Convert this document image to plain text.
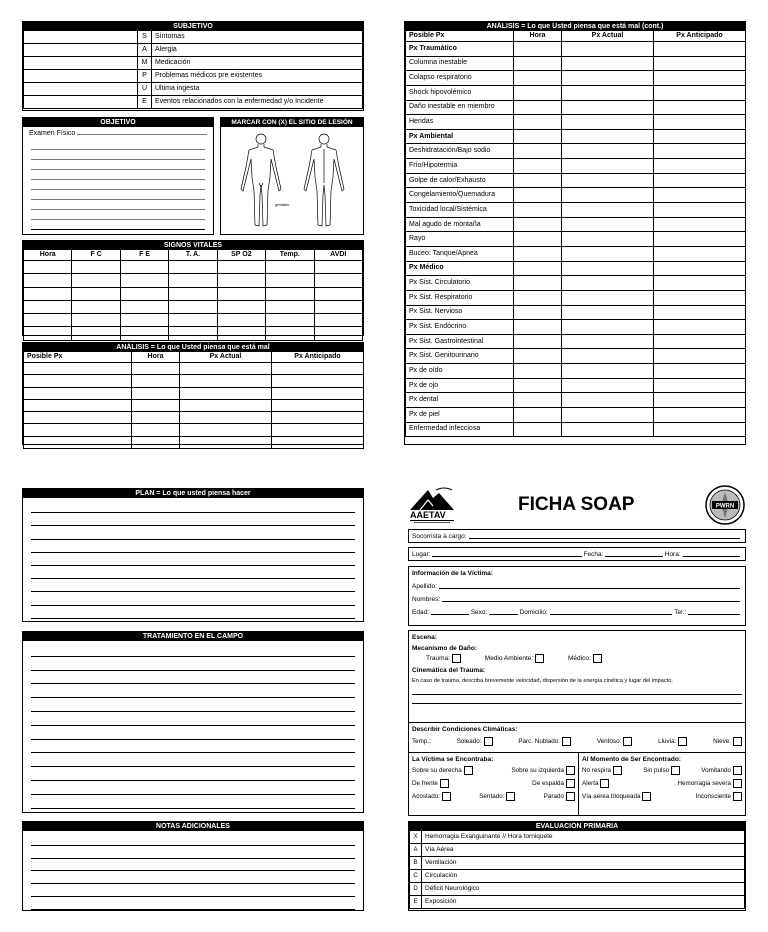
SUBJETIVO
	S	Síntomas
	A	Alergia
	M	Medicación
	P	Problemas médicos pre existentes
	U	Ultima ingesta
	E	Eventos relacionados con la enfermedad y/o Incidente
OBJETIVO
Examen Físico
MARCAR CON (X) EL SITIO DE LESIÓN
genitales
SIGNOS VITALES
Hora	F C	F E	T. A.	SP O2	Temp.	AVDI

ANÁLISIS = Lo que Usted piensa que está mal
Posible Px	Hora	Px Actual	Px Anticipado

ANÁLISIS = Lo que Usted piensa que está mal (cont.)
Posible Px	Hora	Px Actual	Px Anticipado
Px Traumático			
Columna inestable			
Colapso respiratorio			
Shock hipovolémico			
Daño inestable en miembro			
Heridas			
Px Ambiental			
Deshidratación/Bajo sodio			
Frío/Hipotermia			
Golpe de calor/Exhausto			
Congelamiento/Quemadura			
Toxicidad local/Sistémica			
Mal agudo de montaña			
Rayo			
Buceo: Tanque/Apnea			
Px Médico			
Px Sist. Circulatorio			
Px Sist. Respiratorio			
Px Sist. Nervioso			
Px Sist. Endócrino			
Px Sist. Gastrointestinal			
Px Sist. Genitourinario			
Px de oído			
Px de ojo			
Px dental			
Px de piel			
Enfermedad infecciosa			
PLAN = Lo que usted piensa hacer
TRATAMIENTO EN EL CAMPO
NOTAS ADICIONALES
AAETAV	FICHA SOAP	PWRN
Socorrista a cargo:
Lugar:	Fecha:	Hora:
Información de la Víctima:
Apellido:
Nombres:
Edad:	Sexo:	Domicilio:	Tel.:
Escena:
Mecanismo de Daño:
Trauma:	Medio Ambiente:	Médico:
Cinemática del Trauma:
En caso de trauma, describa brevemente velocidad, dispersión de la energía cinética y lugar del impacto.
Describir Condiciones Climáticas:
Temp.:	Soleado:	Parc. Nublado:	Ventoso:	Lluvia:	Nieve:
La Víctima se Encontraba:
Sobre su derecha	Sobre su izquierda
De frente	De espalda
Acostado:	Sentado:	Parado
Al Momento de Ser Encontrado:
No respira	Sin pulso	Vomitando
Alerta	Hemorragia severa
Vía aérea bloqueada	Inconsciente
EVALUACIÓN PRIMARIA
X	Hemorragia Exanguinante // Hora torniquete
A	Vía Aérea
B	Ventilación
C	Circulación
D	Déficit Neurológico
E	Exposición
